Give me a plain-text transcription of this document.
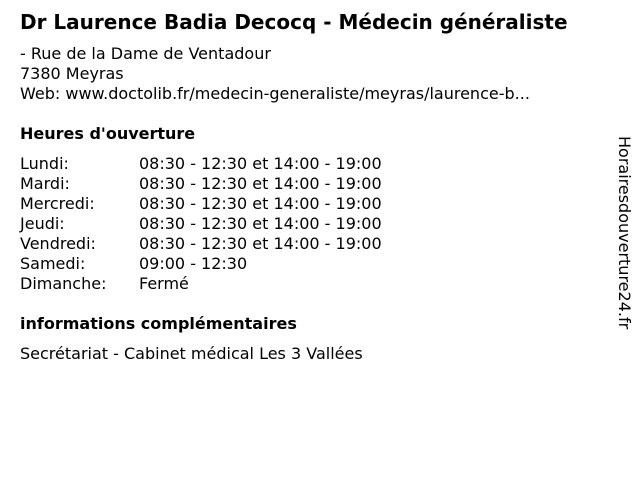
Dr Laurence Badia Decocq - Médecin généraliste
- Rue de la Dame de Ventadour
7380 Meyras
Web: www.doctolib.fr/medecin-generaliste/meyras/laurence-b...
Heures d'ouverture
Lundi:	08:30 - 12:30 et 14:00 - 19:00
Mardi:	08:30 - 12:30 et 14:00 - 19:00
Mercredi:	08:30 - 12:30 et 14:00 - 19:00
Jeudi:	08:30 - 12:30 et 14:00 - 19:00
Vendredi:	08:30 - 12:30 et 14:00 - 19:00
Samedi:	09:00 - 12:30
Dimanche:	Fermé
informations complémentaires
Secrétariat - Cabinet médical Les 3 Vallées
Horairesdouverture24.fr
